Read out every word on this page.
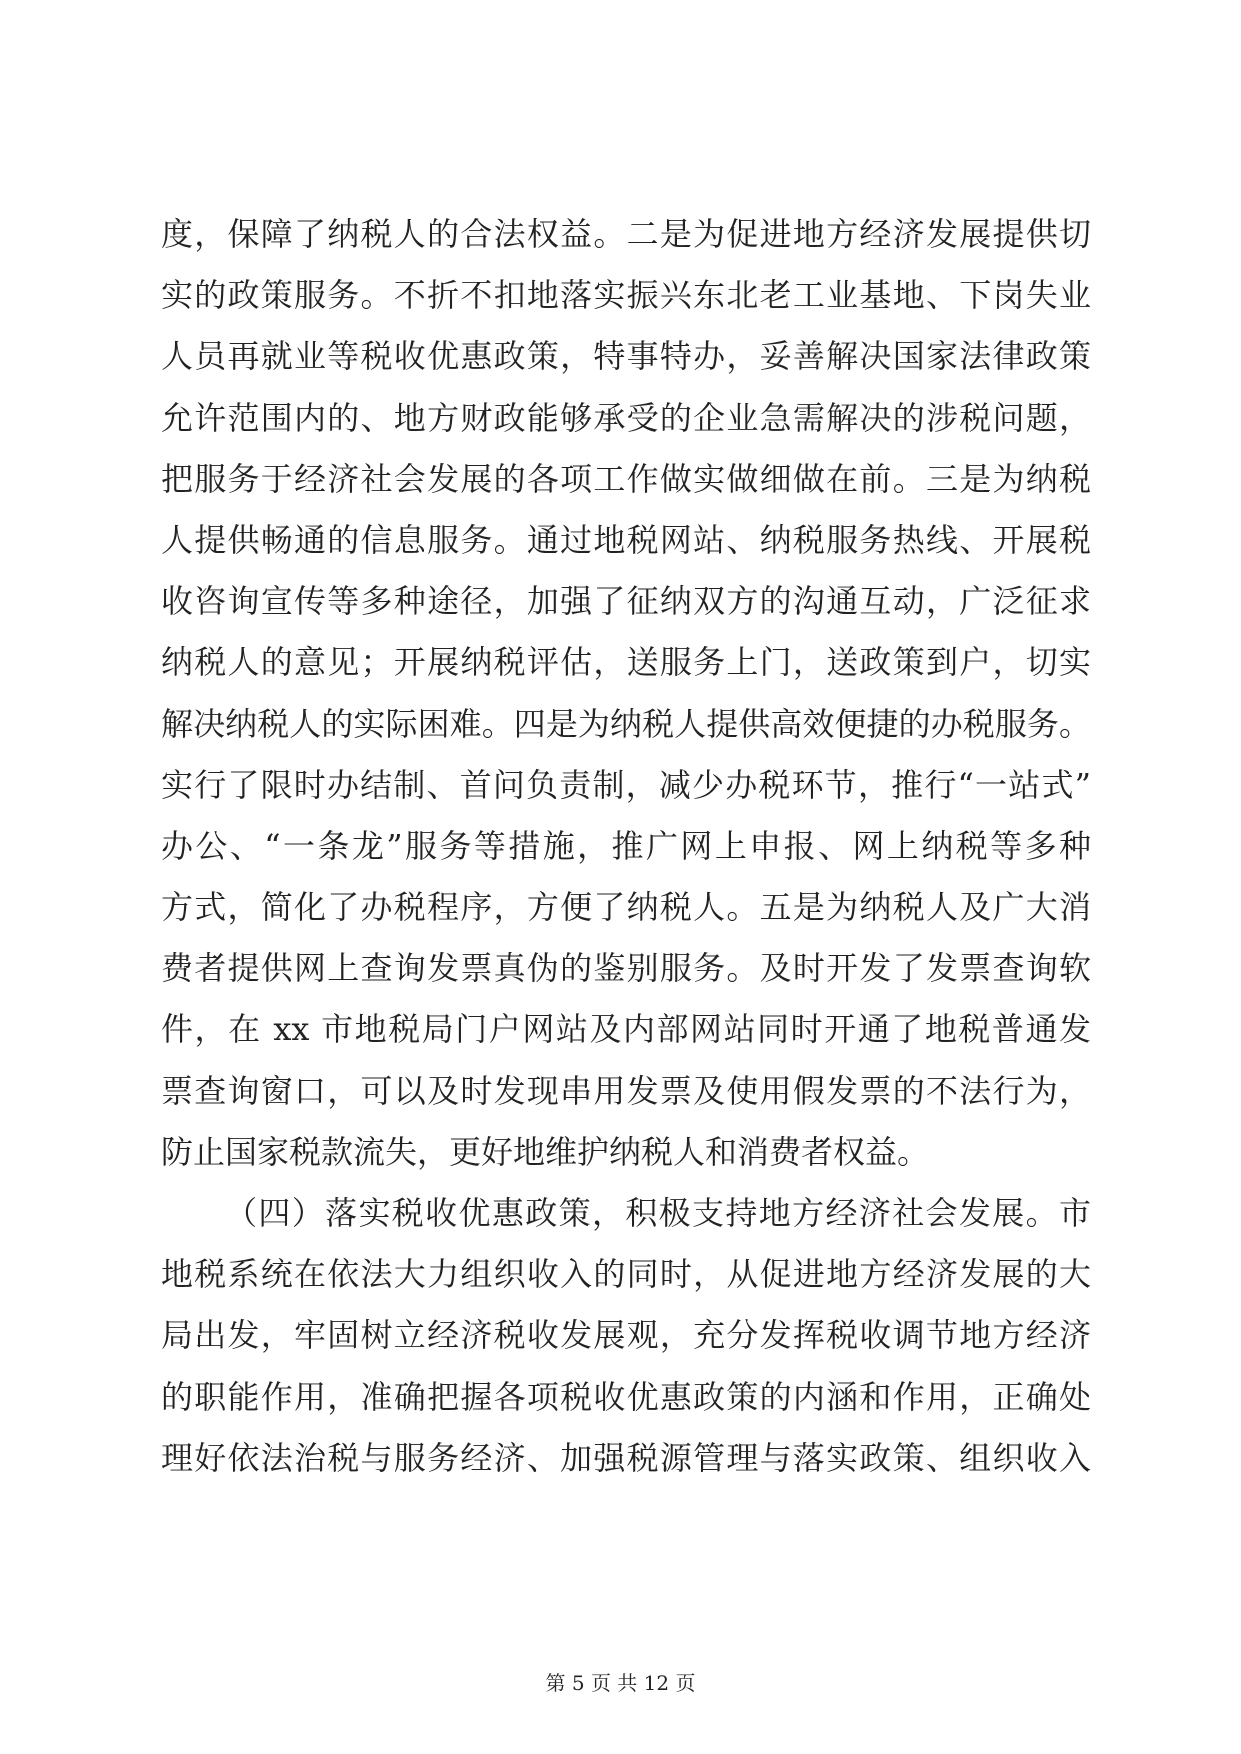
度，保障了纳税人的合法权益。二是为促进地方经济发展提供切
实的政策服务。不折不扣地落实振兴东北老工业基地、下岗失业
人员再就业等税收优惠政策，特事特办，妥善解决国家法律政策
允许范围内的、地方财政能够承受的企业急需解决的涉税问题，
把服务于经济社会发展的各项工作做实做细做在前。三是为纳税
人提供畅通的信息服务。通过地税网站、纳税服务热线、开展税
收咨询宣传等多种途径，加强了征纳双方的沟通互动，广泛征求
纳税人的意见；开展纳税评估，送服务上门，送政策到户，切实
解决纳税人的实际困难。四是为纳税人提供高效便捷的办税服务。
实行了限时办结制、首问负责制，减少办税环节，推行“一站式”
办公、“一条龙”服务等措施，推广网上申报、网上纳税等多种
方式，简化了办税程序，方便了纳税人。五是为纳税人及广大消
费者提供网上查询发票真伪的鉴别服务。及时开发了发票查询软
件，在 xx 市地税局门户网站及内部网站同时开通了地税普通发
票查询窗口，可以及时发现串用发票及使用假发票的不法行为，
防止国家税款流失，更好地维护纳税人和消费者权益。
（四）落实税收优惠政策，积极支持地方经济社会发展。市
地税系统在依法大力组织收入的同时，从促进地方经济发展的大
局出发，牢固树立经济税收发展观，充分发挥税收调节地方经济
的职能作用，准确把握各项税收优惠政策的内涵和作用，正确处
理好依法治税与服务经济、加强税源管理与落实政策、组织收入
第 5 页 共 12 页
